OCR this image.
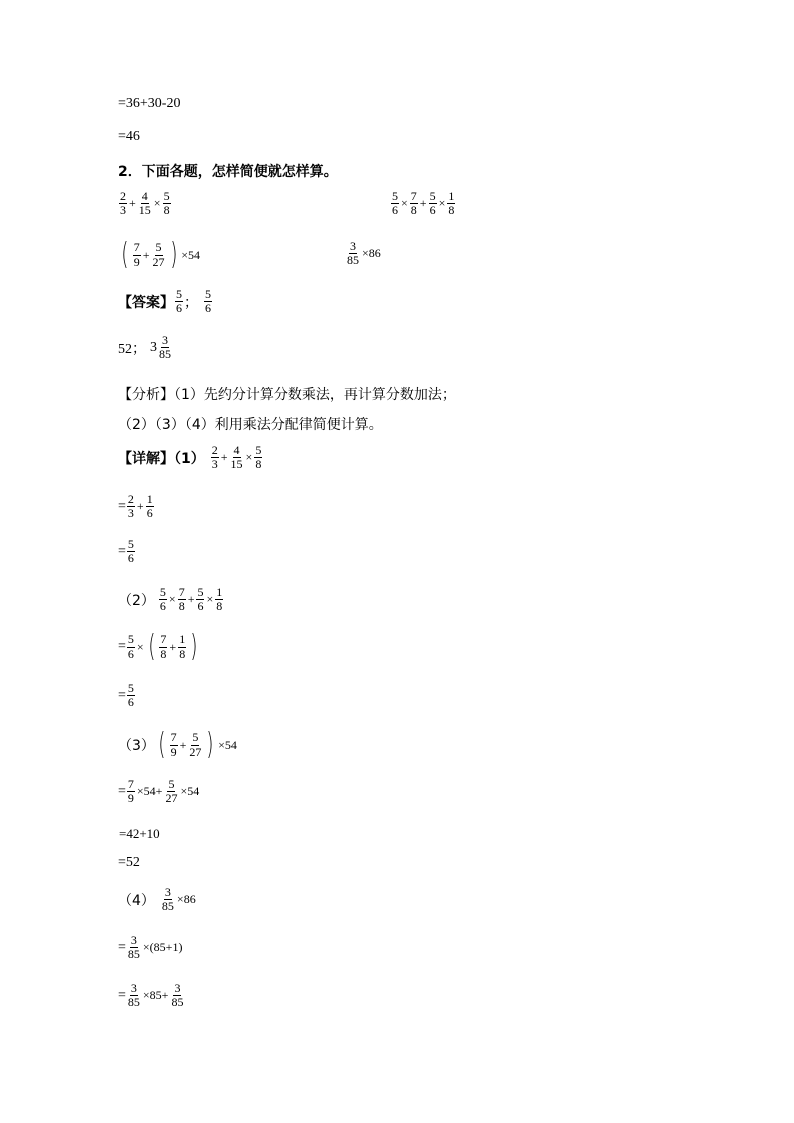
=36+30-20
=46
2．下面各题，怎样简便就怎样算。
$\frac{2}{3} + \frac{4}{15} \times \frac{5}{8}$	$\frac{5}{6} \times \frac{7}{8} + \frac{5}{6} \times \frac{1}{8}$
( $\frac{7}{9} + \frac{5}{27}$ ) ×54	$\frac{3}{85} \times 86$
【答案】 $\frac{5}{6}$ ； $\frac{5}{6}$
52； $3 \frac{3}{85}$
【分析】（1）先约分计算分数乘法，再计算分数加法；
（2）（3）（4）利用乘法分配律简便计算。
【详解】$(1) \frac{2}{3} + \frac{4}{15} \times \frac{5}{8}$
= $\frac{2}{3} + \frac{1}{6}$
= $\frac{5}{6}$
$(2) \frac{5}{6} \times \frac{7}{8} + \frac{5}{6} \times \frac{1}{8}$
= $\frac{5}{6}$ × ( $\frac{7}{8} + \frac{1}{8}$ )
= $\frac{5}{6}$
（3） ( $\frac{7}{9} + \frac{5}{27}$ ) ×54
= $\frac{7}{9} \times 54+ \frac{5}{27} \times 54$
=42+10
=52
$(4) \frac{3}{85} \times 86$
= $\frac{3}{85} \times(85+1)$
= $\frac{3}{85} \times 85+ \frac{3}{85}$
